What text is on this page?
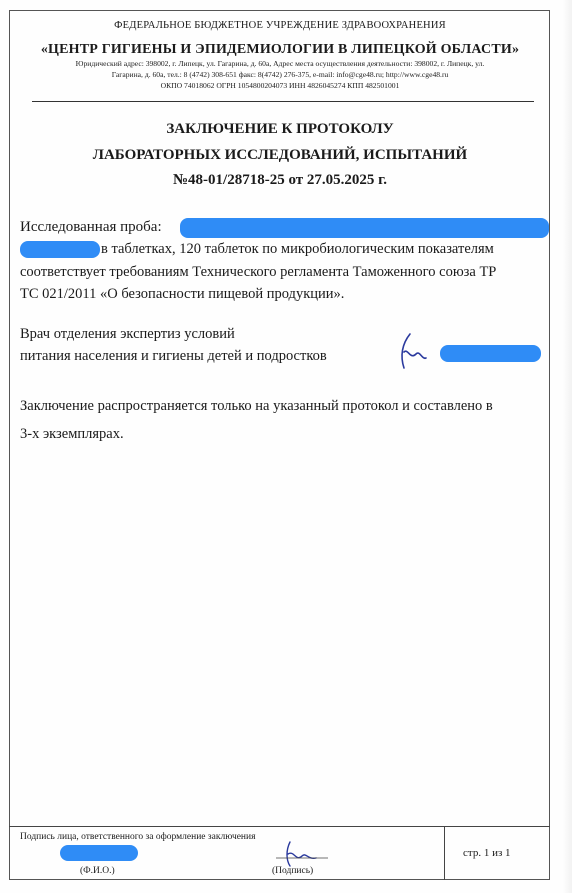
ФЕДЕРАЛЬНОЕ БЮДЖЕТНОЕ УЧРЕЖДЕНИЕ ЗДРАВООХРАНЕНИЯ
«ЦЕНТР ГИГИЕНЫ И ЭПИДЕМИОЛОГИИ В ЛИПЕЦКОЙ ОБЛАСТИ»
Юридический адрес: 398002, г. Липецк, ул. Гагарина, д. 60а, Адрес места осуществления деятельности: 398002, г. Липецк, ул.
Гагарина, д. 60а, тел.: 8 (4742) 308-651 факс: 8(4742) 276-375, e-mail: info@cge48.ru; http://www.cge48.ru
ОКПО 74018062 ОГРН 1054800204073 ИНН 4826045274 КПП 482501001
ЗАКЛЮЧЕНИЕ К ПРОТОКОЛУ
ЛАБОРАТОРНЫХ ИССЛЕДОВАНИЙ, ИСПЫТАНИЙ
№48-01/28718-25 от 27.05.2025 г.
Исследованная проба:
в таблетках, 120 таблеток по микробиологическим показателям
соответствует требованиям Технического регламента Таможенного союза ТР
ТС 021/2011 «О безопасности пищевой продукции».
Врач отделения экспертиз условий
питания населения и гигиены детей и подростков
Заключение распространяется только на указанный протокол и составлено в
3-х экземплярах.
Подпись лица, ответственного за оформление заключения
(Ф.И.О.)	(Подпись)
стр. 1 из 1
